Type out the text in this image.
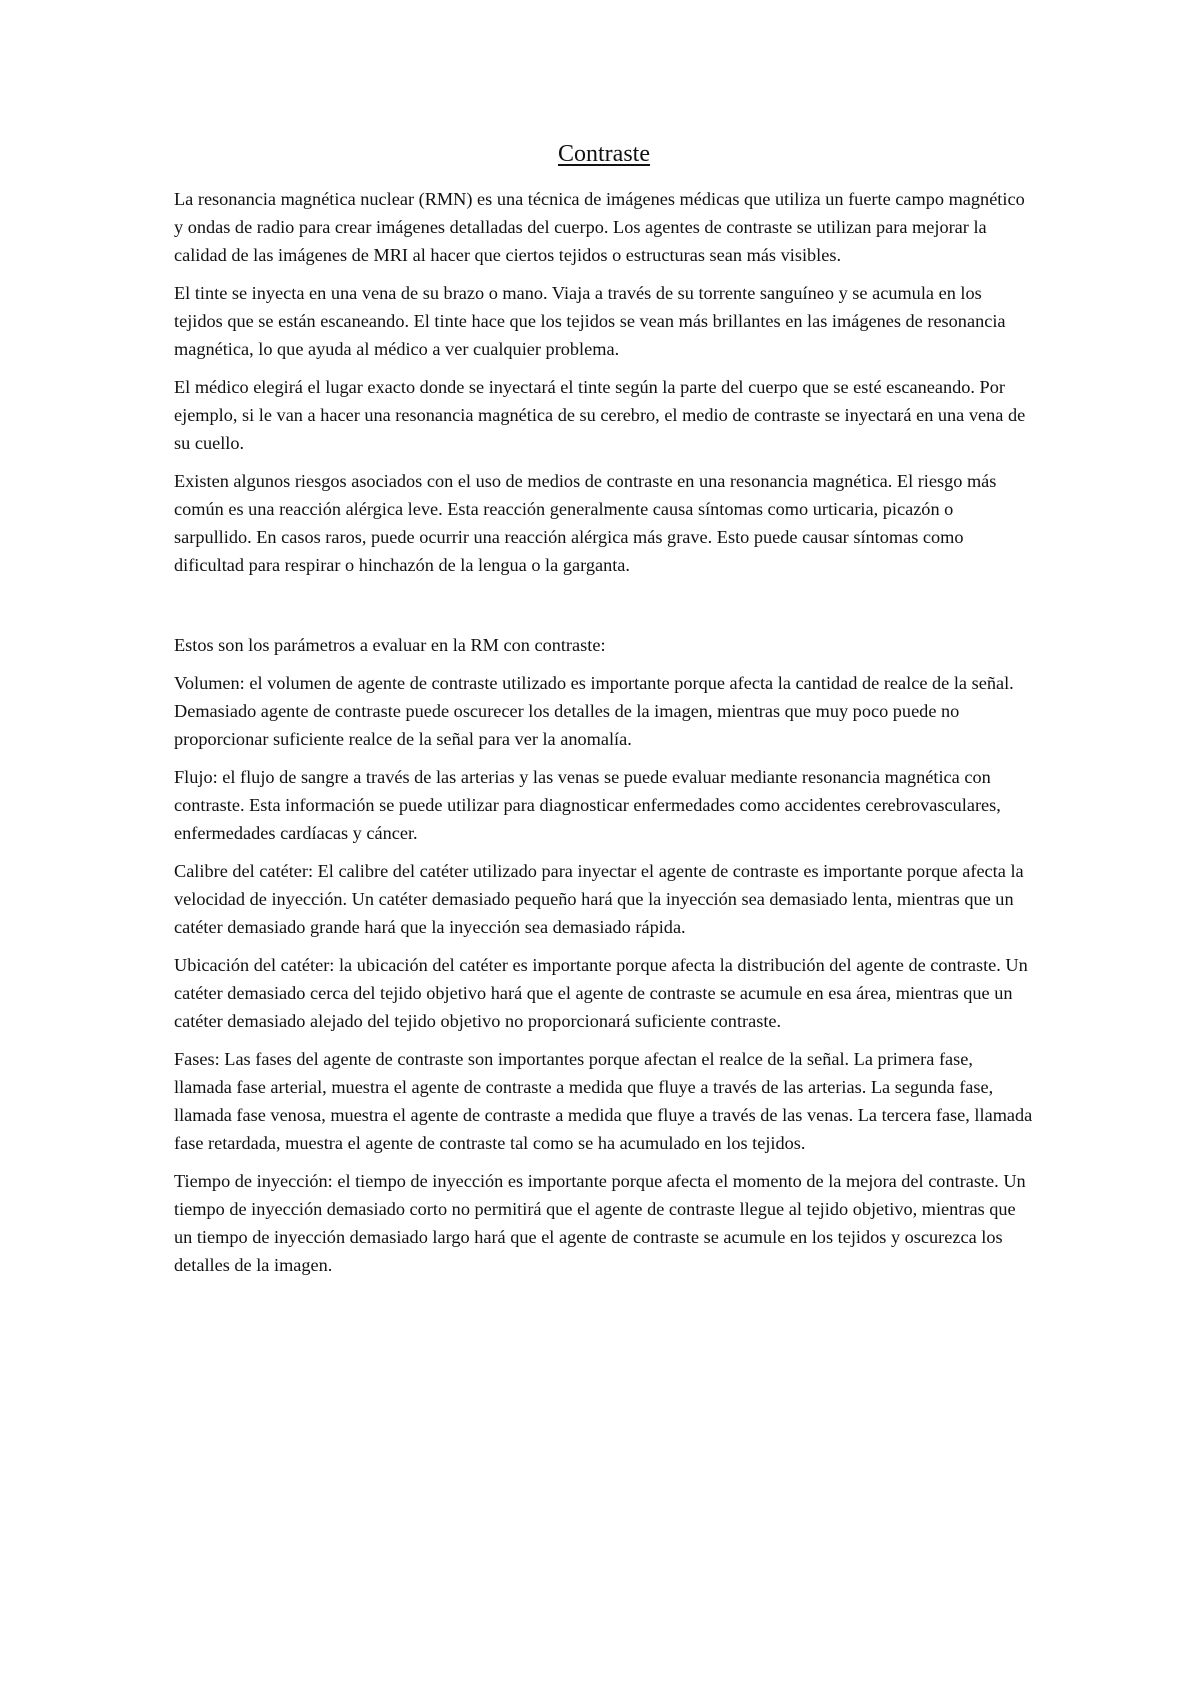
Contraste

La resonancia magnética nuclear (RMN) es una técnica de imágenes médicas que utiliza un fuerte campo magnético y ondas de radio para crear imágenes detalladas del cuerpo. Los agentes de contraste se utilizan para mejorar la calidad de las imágenes de MRI al hacer que ciertos tejidos o estructuras sean más visibles.

El tinte se inyecta en una vena de su brazo o mano. Viaja a través de su torrente sanguíneo y se acumula en los tejidos que se están escaneando. El tinte hace que los tejidos se vean más brillantes en las imágenes de resonancia magnética, lo que ayuda al médico a ver cualquier problema.

El médico elegirá el lugar exacto donde se inyectará el tinte según la parte del cuerpo que se esté escaneando. Por ejemplo, si le van a hacer una resonancia magnética de su cerebro, el medio de contraste se inyectará en una vena de su cuello.

Existen algunos riesgos asociados con el uso de medios de contraste en una resonancia magnética. El riesgo más común es una reacción alérgica leve. Esta reacción generalmente causa síntomas como urticaria, picazón o sarpullido. En casos raros, puede ocurrir una reacción alérgica más grave. Esto puede causar síntomas como dificultad para respirar o hinchazón de la lengua o la garganta.

Estos son los parámetros a evaluar en la RM con contraste:

Volumen: el volumen de agente de contraste utilizado es importante porque afecta la cantidad de realce de la señal. Demasiado agente de contraste puede oscurecer los detalles de la imagen, mientras que muy poco puede no proporcionar suficiente realce de la señal para ver la anomalía.

Flujo: el flujo de sangre a través de las arterias y las venas se puede evaluar mediante resonancia magnética con contraste. Esta información se puede utilizar para diagnosticar enfermedades como accidentes cerebrovasculares, enfermedades cardíacas y cáncer.

Calibre del catéter: El calibre del catéter utilizado para inyectar el agente de contraste es importante porque afecta la velocidad de inyección. Un catéter demasiado pequeño hará que la inyección sea demasiado lenta, mientras que un catéter demasiado grande hará que la inyección sea demasiado rápida.

Ubicación del catéter: la ubicación del catéter es importante porque afecta la distribución del agente de contraste. Un catéter demasiado cerca del tejido objetivo hará que el agente de contraste se acumule en esa área, mientras que un catéter demasiado alejado del tejido objetivo no proporcionará suficiente contraste.

Fases: Las fases del agente de contraste son importantes porque afectan el realce de la señal. La primera fase, llamada fase arterial, muestra el agente de contraste a medida que fluye a través de las arterias. La segunda fase, llamada fase venosa, muestra el agente de contraste a medida que fluye a través de las venas. La tercera fase, llamada fase retardada, muestra el agente de contraste tal como se ha acumulado en los tejidos.

Tiempo de inyección: el tiempo de inyección es importante porque afecta el momento de la mejora del contraste. Un tiempo de inyección demasiado corto no permitirá que el agente de contraste llegue al tejido objetivo, mientras que un tiempo de inyección demasiado largo hará que el agente de contraste se acumule en los tejidos y oscurezca los detalles de la imagen.
